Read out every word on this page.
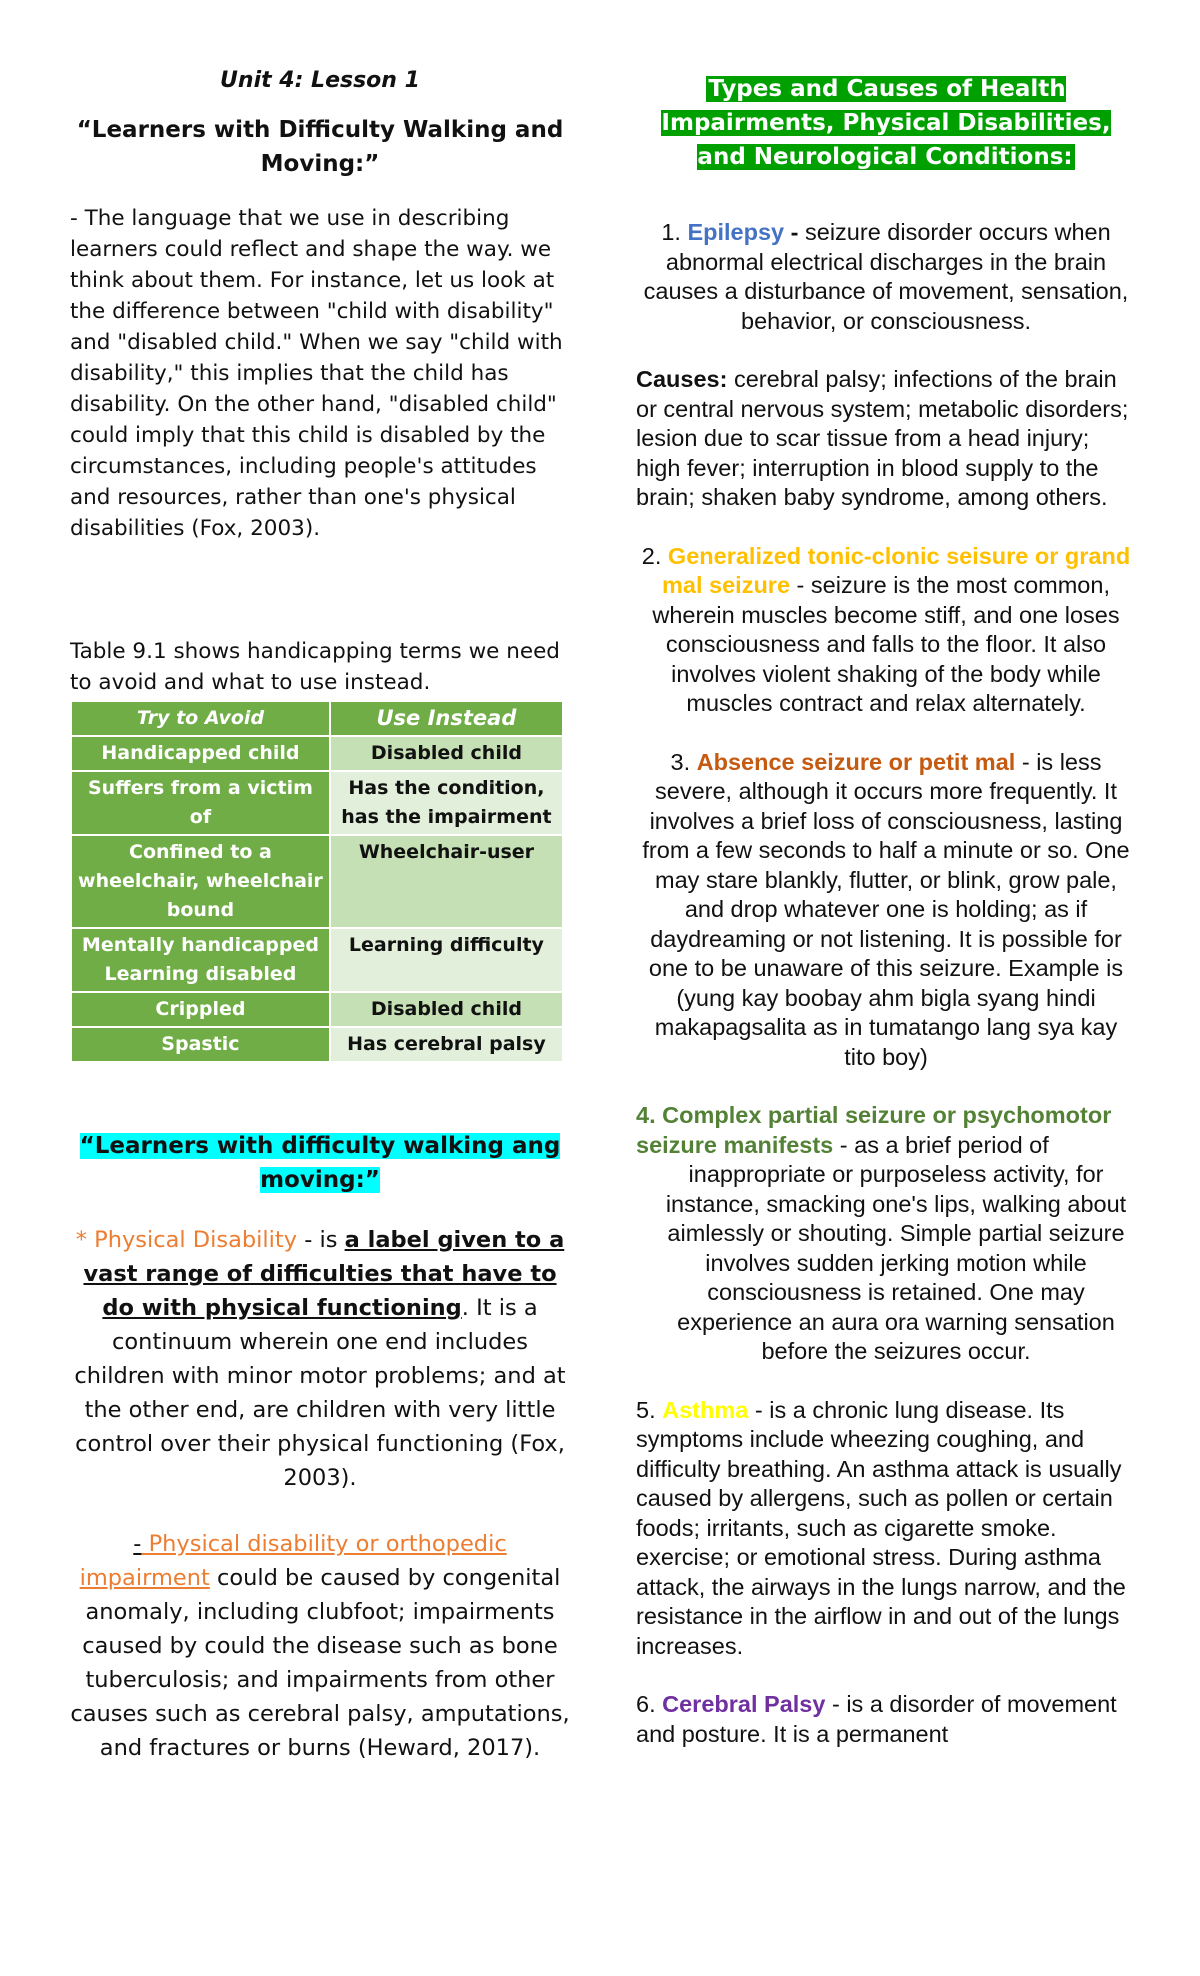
Unit 4: Lesson 1
“Learners with Difficulty Walking and Moving:”

- The language that we use in describing learners could reflect and shape the way. we think about them. For instance, let us look at the difference between "child with disability" and "disabled child." When we say "child with disability," this implies that the child has disability. On the other hand, "disabled child" could imply that this child is disabled by the circumstances, including people's attitudes and resources, rather than one's physical disabilities (Fox, 2003).

Table 9.1 shows handicapping terms we need to avoid and what to use instead.

Try to Avoid	Use Instead
Handicapped child	Disabled child
Suffers from a victim of	Has the condition, has the impairment
Confined to a wheelchair, wheelchair bound	Wheelchair-user
Mentally handicapped Learning disabled	Learning difficulty
Crippled	Disabled child
Spastic	Has cerebral palsy
“Learners with difficulty walking ang moving:”

* Physical Disability - is a label given to a vast range of difficulties that have to do with physical functioning. It is a continuum wherein one end includes children with minor motor problems; and at the other end, are children with very little control over their physical functioning (Fox, 2003).

- Physical disability or orthopedic impairment could be caused by congenital anomaly, including clubfoot; impairments caused by could the disease such as bone tuberculosis; and impairments from other causes such as cerebral palsy, amputations, and fractures or burns (Heward, 2017).

Types and Causes of Health Impairments, Physical Disabilities, and Neurological Conditions:

1. Epilepsy - seizure disorder occurs when abnormal electrical discharges in the brain causes a disturbance of movement, sensation, behavior, or consciousness.

Causes: cerebral palsy; infections of the brain or central nervous system; metabolic disorders; lesion due to scar tissue from a head injury; high fever; interruption in blood supply to the brain; shaken baby syndrome, among others.

2. Generalized tonic-clonic seisure or grand mal seizure - seizure is the most common, wherein muscles become stiff, and one loses consciousness and falls to the floor. It also involves violent shaking of the body while muscles contract and relax alternately.

3. Absence seizure or petit mal - is less severe, although it occurs more frequently. It involves a brief loss of consciousness, lasting from a few seconds to half a minute or so. One may stare blankly, flutter, or blink, grow pale, and drop whatever one is holding; as if daydreaming or not listening. It is possible for one to be unaware of this seizure. Example is (yung kay boobay ahm bigla syang hindi makapagsalita as in tumatango lang sya kay tito boy)

4. Complex partial seizure or psychomotor seizure manifests - as a brief period of
inappropriate or purposeless activity, for instance, smacking one's lips, walking about aimlessly or shouting. Simple partial seizure involves sudden jerking motion while consciousness is retained. One may experience an aura ora warning sensation before the seizures occur.

5. Asthma - is a chronic lung disease. Its symptoms include wheezing coughing, and difficulty breathing. An asthma attack is usually caused by allergens, such as pollen or certain foods; irritants, such as cigarette smoke. exercise; or emotional stress. During asthma attack, the airways in the lungs narrow, and the resistance in the airflow in and out of the lungs increases.

6. Cerebral Palsy - is a disorder of movement and posture. It is a permanent
